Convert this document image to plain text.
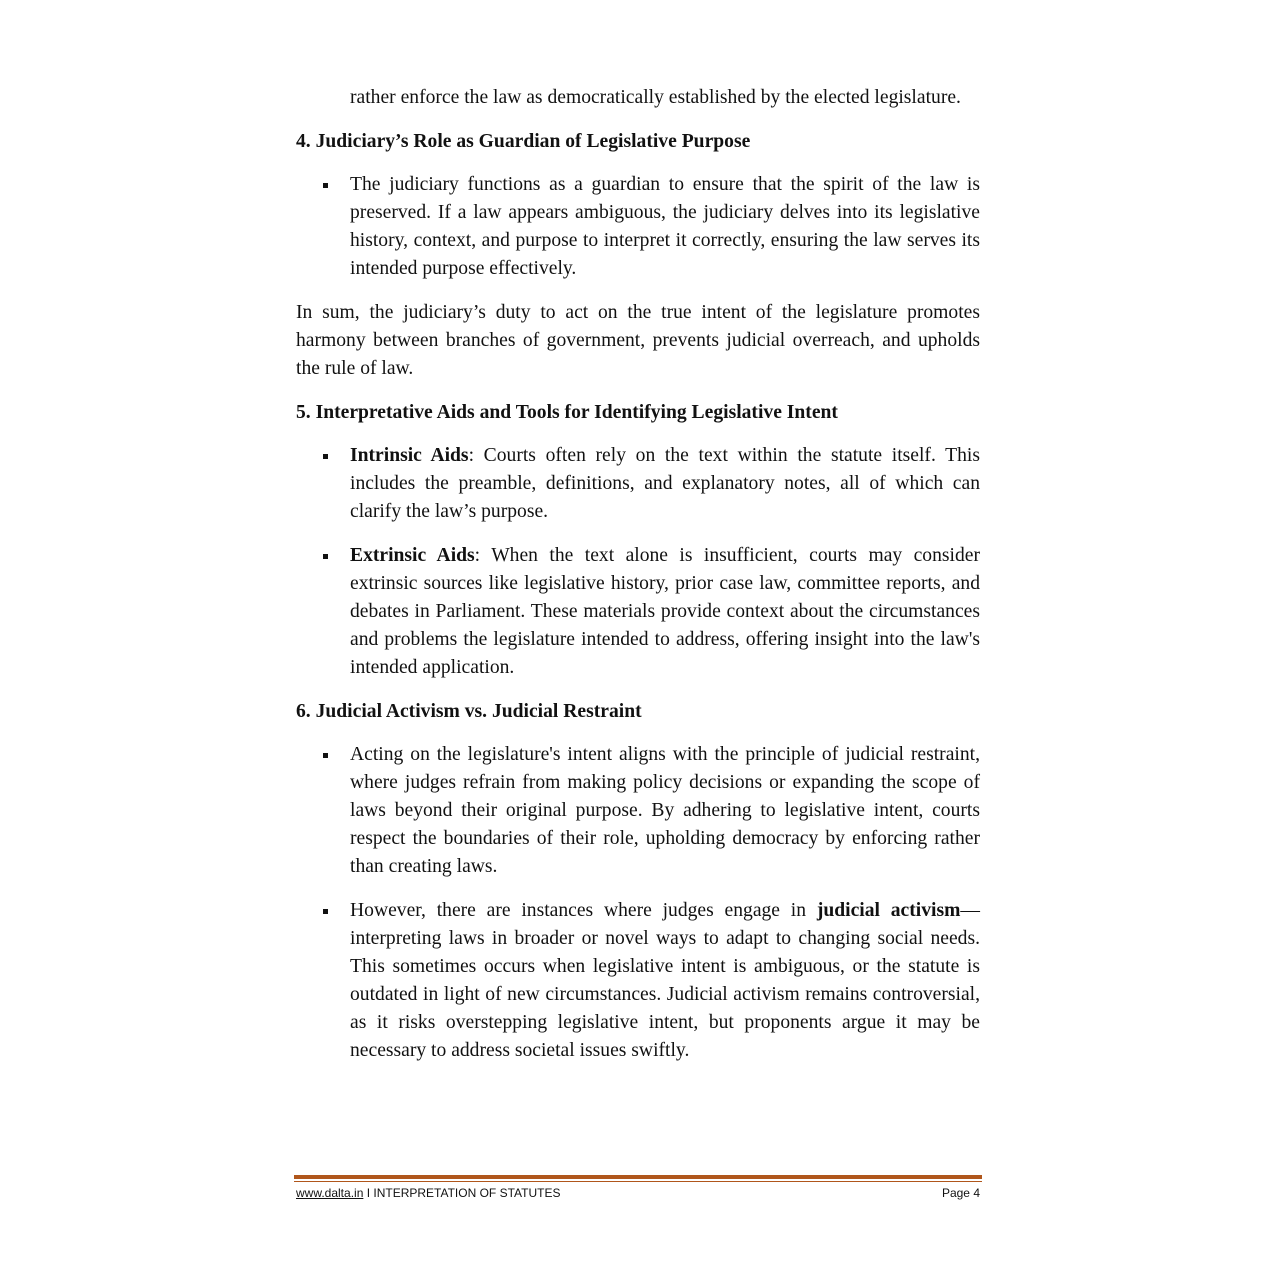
rather enforce the law as democratically established by the elected legislature.

4. Judiciary’s Role as Guardian of Legislative Purpose

The judiciary functions as a guardian to ensure that the spirit of the law is preserved. If a law appears ambiguous, the judiciary delves into its legislative history, context, and purpose to interpret it correctly, ensuring the law serves its intended purpose effectively.

In sum, the judiciary’s duty to act on the true intent of the legislature promotes harmony between branches of government, prevents judicial overreach, and upholds the rule of law.

5. Interpretative Aids and Tools for Identifying Legislative Intent

Intrinsic Aids: Courts often rely on the text within the statute itself. This includes the preamble, definitions, and explanatory notes, all of which can clarify the law’s purpose.
Extrinsic Aids: When the text alone is insufficient, courts may consider extrinsic sources like legislative history, prior case law, committee reports, and debates in Parliament. These materials provide context about the circumstances and problems the legislature intended to address, offering insight into the law's intended application.

6. Judicial Activism vs. Judicial Restraint

Acting on the legislature's intent aligns with the principle of judicial restraint, where judges refrain from making policy decisions or expanding the scope of laws beyond their original purpose. By adhering to legislative intent, courts respect the boundaries of their role, upholding democracy by enforcing rather than creating laws.
However, there are instances where judges engage in judicial activism—interpreting laws in broader or novel ways to adapt to changing social needs. This sometimes occurs when legislative intent is ambiguous, or the statute is outdated in light of new circumstances. Judicial activism remains controversial, as it risks overstepping legislative intent, but proponents argue it may be necessary to address societal issues swiftly.
www.dalta.in I INTERPRETATION OF STATUTES	Page 4
